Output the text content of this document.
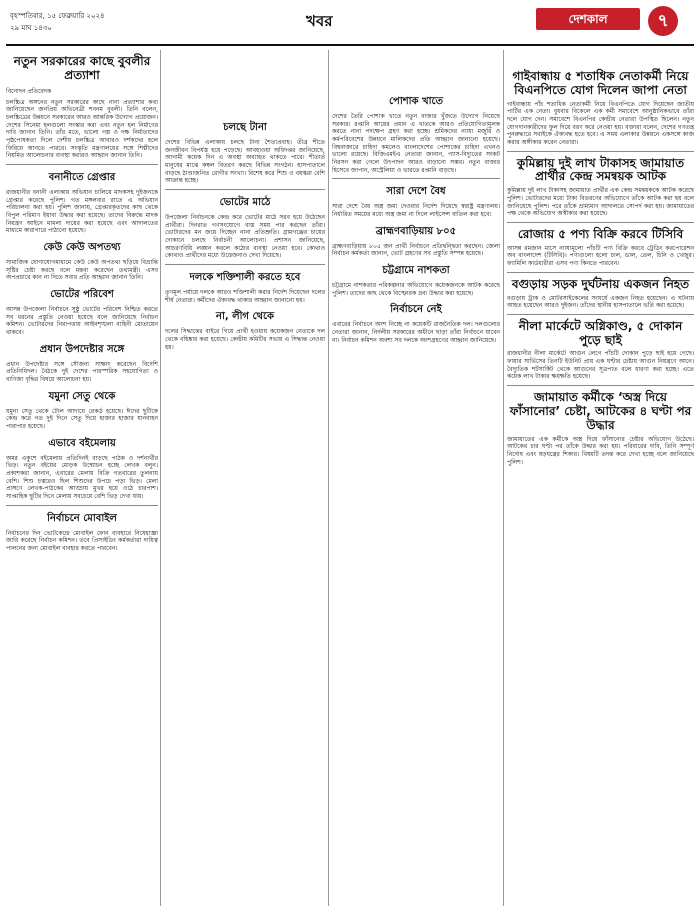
বৃহস্পতিবার, ১৫ ফেব্রুয়ারি ২০২৪
২৯ মাঘ ১৪৩০	খবর	দেশকাল	৭
নতুন সরকারের কাছে বুবলীর প্রত্যাশা
বিনোদন প্রতিবেদক

চলচ্চিত্র অঙ্গনের নতুন সরকারের কাছে নানা প্রত্যাশার কথা জানিয়েছেন জনপ্রিয় অভিনেত্রী শবনম বুবলী। তিনি বলেন, চলচ্চিত্রের উন্নয়নে সরকারের আরও আন্তরিক উদ্যোগ প্রয়োজন। দেশের সিনেমা হলগুলো সংস্কার করা এবং নতুন হল নির্মাণের দাবি জানান তিনি। তাঁর মতে, ভালো গল্প ও দক্ষ নির্মাতাদের পৃষ্ঠপোষকতা দিলে দেশীয় চলচ্চিত্র আবারও দর্শকদের হলে ফিরিয়ে আনতে পারবে। সংস্কৃতি মন্ত্রণালয়ের সঙ্গে শিল্পীদের নিয়মিত আলোচনার ব্যবস্থা করারও আহ্বান জানান তিনি।

বনানীতে গ্রেপ্তার

রাজধানীর বনানী এলাকায় অভিযান চালিয়ে মাদকসহ দুইজনকে গ্রেপ্তার করেছে পুলিশ। গত মঙ্গলবার রাতে এ অভিযান পরিচালনা করা হয়। পুলিশ জানায়, গ্রেপ্তারকৃতদের কাছ থেকে বিপুল পরিমাণ ইয়াবা উদ্ধার করা হয়েছে। তাদের বিরুদ্ধে মাদক নিয়ন্ত্রণ আইনে মামলা দায়ের করা হয়েছে এবং আদালতের মাধ্যমে কারাগারে পাঠানো হয়েছে।

কেউ কেউ অপতথ্য

সামাজিক যোগাযোগমাধ্যমে কেউ কেউ অপতথ্য ছড়িয়ে বিভ্রান্তি সৃষ্টির চেষ্টা করছে বলে মন্তব্য করেছেন তথ্যমন্ত্রী। এসব অপপ্রচারে কান না দিতে সবার প্রতি আহ্বান জানান তিনি।

ভোটের পরিবেশ

আসন্ন উপজেলা নির্বাচনে সুষ্ঠু ভোটের পরিবেশ নিশ্চিত করতে সব ধরনের প্রস্তুতি নেওয়া হয়েছে বলে জানিয়েছে নির্বাচন কমিশন। ভোটারদের নিরাপত্তায় আইনশৃঙ্খলা বাহিনী মোতায়েন থাকবে।

প্রধান উপদেষ্টার সঙ্গে

প্রধান উপদেষ্টার সঙ্গে সৌজন্য সাক্ষাৎ করেছেন বিদেশি প্রতিনিধিদল। বৈঠকে দুই দেশের পারস্পরিক সহযোগিতা ও বাণিজ্য বৃদ্ধির বিষয়ে আলোচনা হয়।

যমুনা সেতু থেকে

যমুনা সেতু থেকে টোল আদায়ে রেকর্ড হয়েছে। ঈদের ছুটিকে কেন্দ্র করে গত দুই দিনে সেতু দিয়ে হাজার হাজার যানবাহন পারাপার হয়েছে।

এভাবে বইমেলায়

অমর একুশে বইমেলায় প্রতিদিনই বাড়ছে পাঠক ও দর্শনার্থীর ভিড়। নতুন বইয়ের মোড়ক উন্মোচন হচ্ছে লেখক বলুন। প্রকাশকরা জানান, এবারের মেলায় বিক্রি গতবারের তুলনায় বেশি। শিশু চত্বরেও ছিল শিশুদের উপচে পড়া ভিড়। মেলা প্রাঙ্গণে লেখক-পাঠকের আড্ডায় মুখর হয়ে ওঠে চারপাশ। সাপ্তাহিক ছুটির দিনে মেলায় সবচেয়ে বেশি ভিড় দেখা যায়।

নির্বাচনে মোবাইল

নির্বাচনের দিন ভোটকেন্দ্রে মোবাইল ফোন ব্যবহারে নিষেধাজ্ঞা জারি করেছে নির্বাচন কমিশন। তবে প্রিসাইডিং কর্মকর্তারা দায়িত্ব পালনের জন্য মোবাইল ব্যবহার করতে পারবেন।

চলছে টানা

দেশের বিভিন্ন এলাকায় চলছে টানা শৈত্যপ্রবাহ। তীব্র শীতে জনজীবন বিপর্যস্ত হয়ে পড়েছে। আবহাওয়া অধিদপ্তর জানিয়েছে, আগামী কয়েক দিন এ অবস্থা অব্যাহত থাকতে পারে। শীতার্ত মানুষের মাঝে কম্বল বিতরণ করছে বিভিন্ন সংগঠন। হাসপাতালে বাড়ছে ঠাণ্ডাজনিত রোগীর সংখ্যা। বিশেষ করে শিশু ও বয়স্করা বেশি আক্রান্ত হচ্ছে।

ভোটের মাঠে

উপজেলা নির্বাচনকে কেন্দ্র করে ভোটের মাঠে সরব হয়ে উঠেছেন প্রার্থীরা। দিনরাত গণসংযোগে ব্যস্ত সময় পার করছেন তাঁরা। ভোটারদের মন জয়ে দিচ্ছেন নানা প্রতিশ্রুতি। গ্রামগঞ্জের চায়ের দোকানে চলছে নির্বাচনী আলোচনা। প্রশাসন জানিয়েছে, আচরণবিধি লঙ্ঘন করলে কঠোর ব্যবস্থা নেওয়া হবে। কোথাও কোথাও প্রার্থীদের মধ্যে উত্তেজনাও দেখা দিয়েছে।

দলকে শক্তিশালী করতে হবে

তৃণমূল পর্যায়ে দলকে আরও শক্তিশালী করার নির্দেশ দিয়েছেন দলের শীর্ষ নেতারা। কর্মীদের ঐক্যবদ্ধ থাকার আহ্বান জানানো হয়।

না, লীগ থেকে

দলের সিদ্ধান্তের বাইরে গিয়ে প্রার্থী হওয়ায় কয়েকজন নেতাকে দল থেকে বহিষ্কার করা হয়েছে। কেন্দ্রীয় কমিটির সভায় এ সিদ্ধান্ত নেওয়া হয়।

পোশাক খাতে

দেশের তৈরি পোশাক খাতে নতুন বাজার খুঁজতে উদ্যোগ নিয়েছে সরকার। রপ্তানি আয়ের প্রধান এ খাতকে আরও প্রতিযোগিতামূলক করতে নানা পদক্ষেপ গ্রহণ করা হচ্ছে। শ্রমিকদের ন্যায্য মজুরি ও কর্মপরিবেশের উন্নয়নে মালিকদের প্রতি আহ্বান জানানো হয়েছে। বিশ্ববাজারে চাহিদা কমলেও বাংলাদেশের পোশাকের চাহিদা এখনও ভালো রয়েছে। বিজিএমইএ নেতারা জানান, গ্যাস-বিদ্যুতের সংকট নিরসন করা গেলে উৎপাদন আরও বাড়ানো সম্ভব। নতুন বাজার হিসেবে জাপান, অস্ট্রেলিয়া ও ভারতে রপ্তানি বাড়ছে।

সারা দেশে বৈধ

সারা দেশে বৈধ অস্ত্র জমা দেওয়ার নির্দেশ দিয়েছে স্বরাষ্ট্র মন্ত্রণালয়। নির্ধারিত সময়ের মধ্যে অস্ত্র জমা না দিলে লাইসেন্স বাতিল করা হবে।

ব্রাহ্মণবাড়িয়ায় ৮০৫

ব্রাহ্মণবাড়িয়ায় ৮০৫ জন প্রার্থী নির্বাচনে প্রতিদ্বন্দ্বিতা করছেন। জেলা নির্বাচন কর্মকর্তা জানান, ভোট গ্রহণের সব প্রস্তুতি সম্পন্ন হয়েছে।

চট্টগ্রামে নাশকতা

চট্টগ্রামে নাশকতার পরিকল্পনার অভিযোগে কয়েকজনকে আটক করেছে পুলিশ। তাদের কাছ থেকে বিস্ফোরক দ্রব্য উদ্ধার করা হয়েছে।

নির্বাচনে নেই

এবারের নির্বাচনে অংশ নিচ্ছে না কয়েকটি রাজনৈতিক দল। দলগুলোর নেতারা জানান, নির্দলীয় সরকারের অধীনে ছাড়া তাঁরা নির্বাচনে যাবেন না। নির্বাচন কমিশন অবশ্য সব দলকে অংশগ্রহণের আহ্বান জানিয়েছে।

গাইবান্ধায় ৫ শতাধিক নেতাকর্মী নিয়ে বিএনপিতে যোগ দিলেন জাপা নেতা

গাইবান্ধায় পাঁচ শতাধিক নেতাকর্মী নিয়ে বিএনপিতে যোগ দিয়েছেন জাতীয় পার্টির এক নেতা। বুধবার বিকেলে এক কর্মী সমাবেশে আনুষ্ঠানিকভাবে তাঁরা দলে যোগ দেন। সমাবেশে বিএনপির কেন্দ্রীয় নেতারা উপস্থিত ছিলেন। নতুন যোগদানকারীদের ফুল দিয়ে বরণ করে নেওয়া হয়। বক্তারা বলেন, দেশের গণতন্ত্র পুনরুদ্ধারে সবাইকে ঐক্যবদ্ধ হতে হবে। এ সময় এলাকার উন্নয়নে একসঙ্গে কাজ করার অঙ্গীকার করেন নেতারা।

কুমিল্লায় দুই লাখ টাকাসহ জামায়াত প্রার্থীর কেন্দ্র সমন্বয়ক আটক

কুমিল্লায় দুই লাখ টাকাসহ জামায়াত প্রার্থীর এক কেন্দ্র সমন্বয়ককে আটক করেছে পুলিশ। ভোটারদের মধ্যে টাকা বিতরণের অভিযোগে তাঁকে আটক করা হয় বলে জানিয়েছে পুলিশ। পরে তাঁকে ভ্রাম্যমাণ আদালতে সোপর্দ করা হয়। জামায়াতের পক্ষ থেকে অভিযোগ অস্বীকার করা হয়েছে।

রোজায় ৫ পণ্য বিক্রি করবে টিসিবি

আসন্ন রমজান মাসে ন্যায্যমূল্যে পাঁচটি পণ্য বিক্রি করবে ট্রেডিং করপোরেশন অব বাংলাদেশ (টিসিবি)। পণ্যগুলো হলো চাল, ডাল, তেল, চিনি ও খেজুর। ফ্যামিলি কার্ডধারীরা এসব পণ্য কিনতে পারবেন।

বগুড়ায় সড়ক দুর্ঘটনায় একজন নিহত

বগুড়ায় ট্রাক ও মোটরসাইকেলের সংঘর্ষে একজন নিহত হয়েছেন। এ ঘটনায় আহত হয়েছেন আরও দুইজন। তাঁদের স্থানীয় হাসপাতালে ভর্তি করা হয়েছে।

নীলা মার্কেটে অগ্নিকাণ্ড, ৫ দোকান পুড়ে ছাই

রাজধানীর নীলা মার্কেটে আগুন লেগে পাঁচটি দোকান পুড়ে ছাই হয়ে গেছে। ফায়ার সার্ভিসের তিনটি ইউনিট প্রায় এক ঘণ্টার চেষ্টায় আগুন নিয়ন্ত্রণে আনে। বৈদ্যুতিক শর্টসার্কিট থেকে আগুনের সূত্রপাত বলে ধারণা করা হচ্ছে। এতে কয়েক লাখ টাকার ক্ষয়ক্ষতি হয়েছে।

জামায়াত কর্মীকে ‘অস্ত্র দিয়ে ফাঁসানোর’ চেষ্টা, আটকের ৪ ঘণ্টা পর উদ্ধার

জামায়াতের এক কর্মীকে অস্ত্র দিয়ে ফাঁসানোর চেষ্টার অভিযোগ উঠেছে। আটকের চার ঘণ্টা পর তাঁকে উদ্ধার করা হয়। পরিবারের দাবি, তিনি সম্পূর্ণ নির্দোষ এবং ষড়যন্ত্রের শিকার। বিষয়টি তদন্ত করে দেখা হচ্ছে বলে জানিয়েছে পুলিশ।
